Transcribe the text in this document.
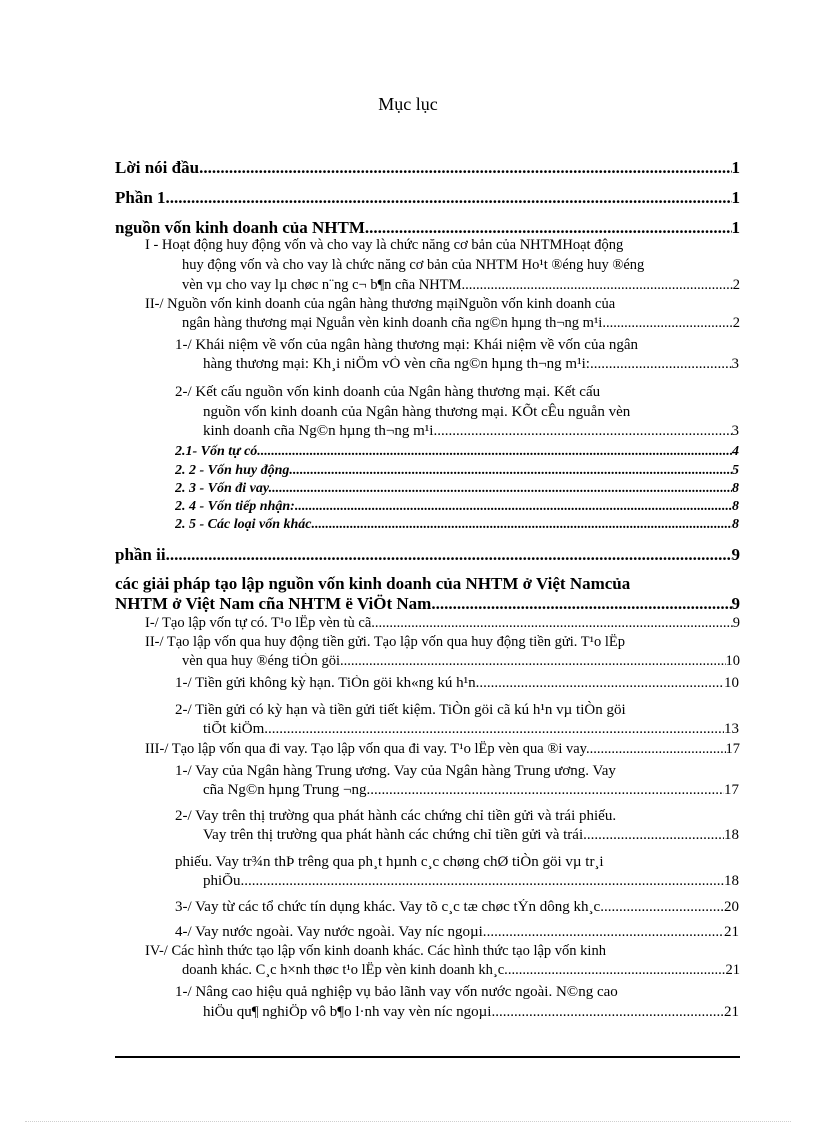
Mục lục
Lời nói đầu .....	1
Phần 1 .....	1
nguồn vốn kinh doanh của NHTM .....	1
I - Hoạt động huy động vốn và cho vay là chức năng cơ bản của NHTMHoạt động
huy động vốn và cho vay là chức năng cơ bản của NHTM Ho¹t ®éng huy ®éng
vèn vµ cho vay lµ chøc n¨ng c¬ b¶n cña NHTM .....	2
II-/ Nguồn vốn kinh doanh của ngân hàng thương mạiNguồn vốn kinh doanh của
ngân hàng thương mại Nguån vèn kinh doanh cña ng©n hµng th¬ng m¹i .....	2
1-/ Khái niệm về vốn của ngân hàng thương mại: Khái niệm về vốn của ngân
hàng thương mại: Kh¸i niÖm vÒ vèn cña ng©n hµng th¬ng m¹i: .....	3
2-/ Kết cấu nguồn vốn kinh doanh của Ngân hàng thương mại. Kết cấu
nguồn vốn kinh doanh của Ngân hàng thương mại. KÕt cÊu nguån vèn
kinh doanh cña Ng©n hµng th¬ng m¹i. .....	3
2.1- Vốn tự có .....	4
2. 2 - Vốn huy động. .....	5
2. 3 - Vốn đi vay. .....	8
2. 4 - Vốn tiếp nhận: .....	8
2. 5 - Các loại vốn khác. .....	8
phần ii .....	9
các giải pháp tạo lập nguồn vốn kinh doanh của NHTM ở Việt Namcủa
NHTM ở Việt Nam cña NHTM ë ViÖt Nam .....	9
I-/ Tạo lập vốn tự có. T¹o lËp vèn tù cã. .....	9
II-/ Tạo lập vốn qua huy động tiền gửi. Tạo lập vốn qua huy động tiền gửi. T¹o lËp
vèn qua huy ®éng tiÒn göi. .....	10
1-/ Tiền gửi không kỳ hạn. TiÒn göi kh«ng kú h¹n. .....	10
2-/ Tiền gửi có kỳ hạn và tiền gửi tiết kiệm. TiÒn göi cã kú h¹n vµ tiÒn göi
tiÕt kiÖm .....	13
III-/ Tạo lập vốn qua đi vay. Tạo lập vốn qua đi vay. T¹o lËp vèn qua ®i vay. .....	17
1-/ Vay của Ngân hàng Trung ương. Vay của Ngân hàng Trung ương. Vay
cña Ng©n hµng Trung ¬ng .....	17
2-/ Vay trên thị trường qua phát hành các chứng chỉ tiền gửi và trái phiếu.
Vay trên thị trường qua phát hành các chứng chỉ tiền gửi và trái .....	18
phiếu. Vay tr¾n thÞ trêng qua ph¸t hµnh c¸c chøng chØ tiÒn göi vµ tr¸i
phiÕu. .....	18
3-/ Vay từ các tổ chức tín dụng khác. Vay tõ c¸c tæ chøc tÝn dông kh¸c .....	20
4-/ Vay nước ngoài. Vay nước ngoài. Vay níc ngoµi. .....	21
IV-/ Các hình thức tạo lập vốn kinh doanh khác. Các hình thức tạo lập vốn kinh
doanh khác. C¸c h×nh thøc t¹o lËp vèn kinh doanh kh¸c. .....	21
1-/ Nâng cao hiệu quả nghiệp vụ bảo lãnh vay vốn nước ngoài. N©ng cao
hiÖu qu¶ nghiÖp vô b¶o l·nh vay vèn níc ngoµi. .....	21
